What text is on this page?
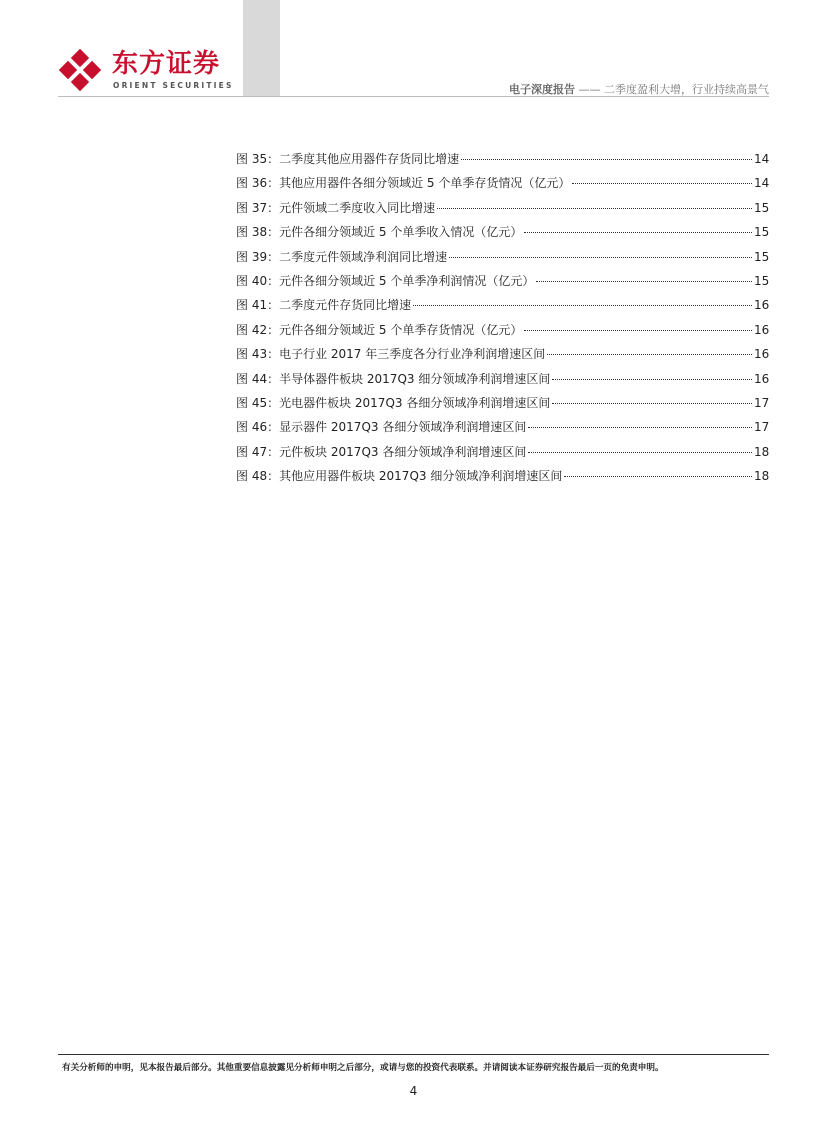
东方证券
ORIENT SECURITIES	电子深度报告 —— 二季度盈利大增，行业持续高景气
图 35：二季度其他应用器件存货同比增速	14
图 36：其他应用器件各细分领域近 5 个单季存货情况（亿元）	14
图 37：元件领域二季度收入同比增速	15
图 38：元件各细分领域近 5 个单季收入情况（亿元）	15
图 39：二季度元件领域净利润同比增速	15
图 40：元件各细分领域近 5 个单季净利润情况（亿元）	15
图 41：二季度元件存货同比增速	16
图 42：元件各细分领域近 5 个单季存货情况（亿元）	16
图 43：电子行业 2017 年三季度各分行业净利润增速区间	16
图 44：半导体器件板块 2017Q3 细分领域净利润增速区间	16
图 45：光电器件板块 2017Q3 各细分领域净利润增速区间	17
图 46：显示器件 2017Q3 各细分领域净利润增速区间	17
图 47：元件板块 2017Q3 各细分领域净利润增速区间	18
图 48：其他应用器件板块 2017Q3 细分领域净利润增速区间	18
有关分析师的申明，见本报告最后部分。其他重要信息披露见分析师申明之后部分，或请与您的投资代表联系。并请阅读本证券研究报告最后一页的免责申明。
4
